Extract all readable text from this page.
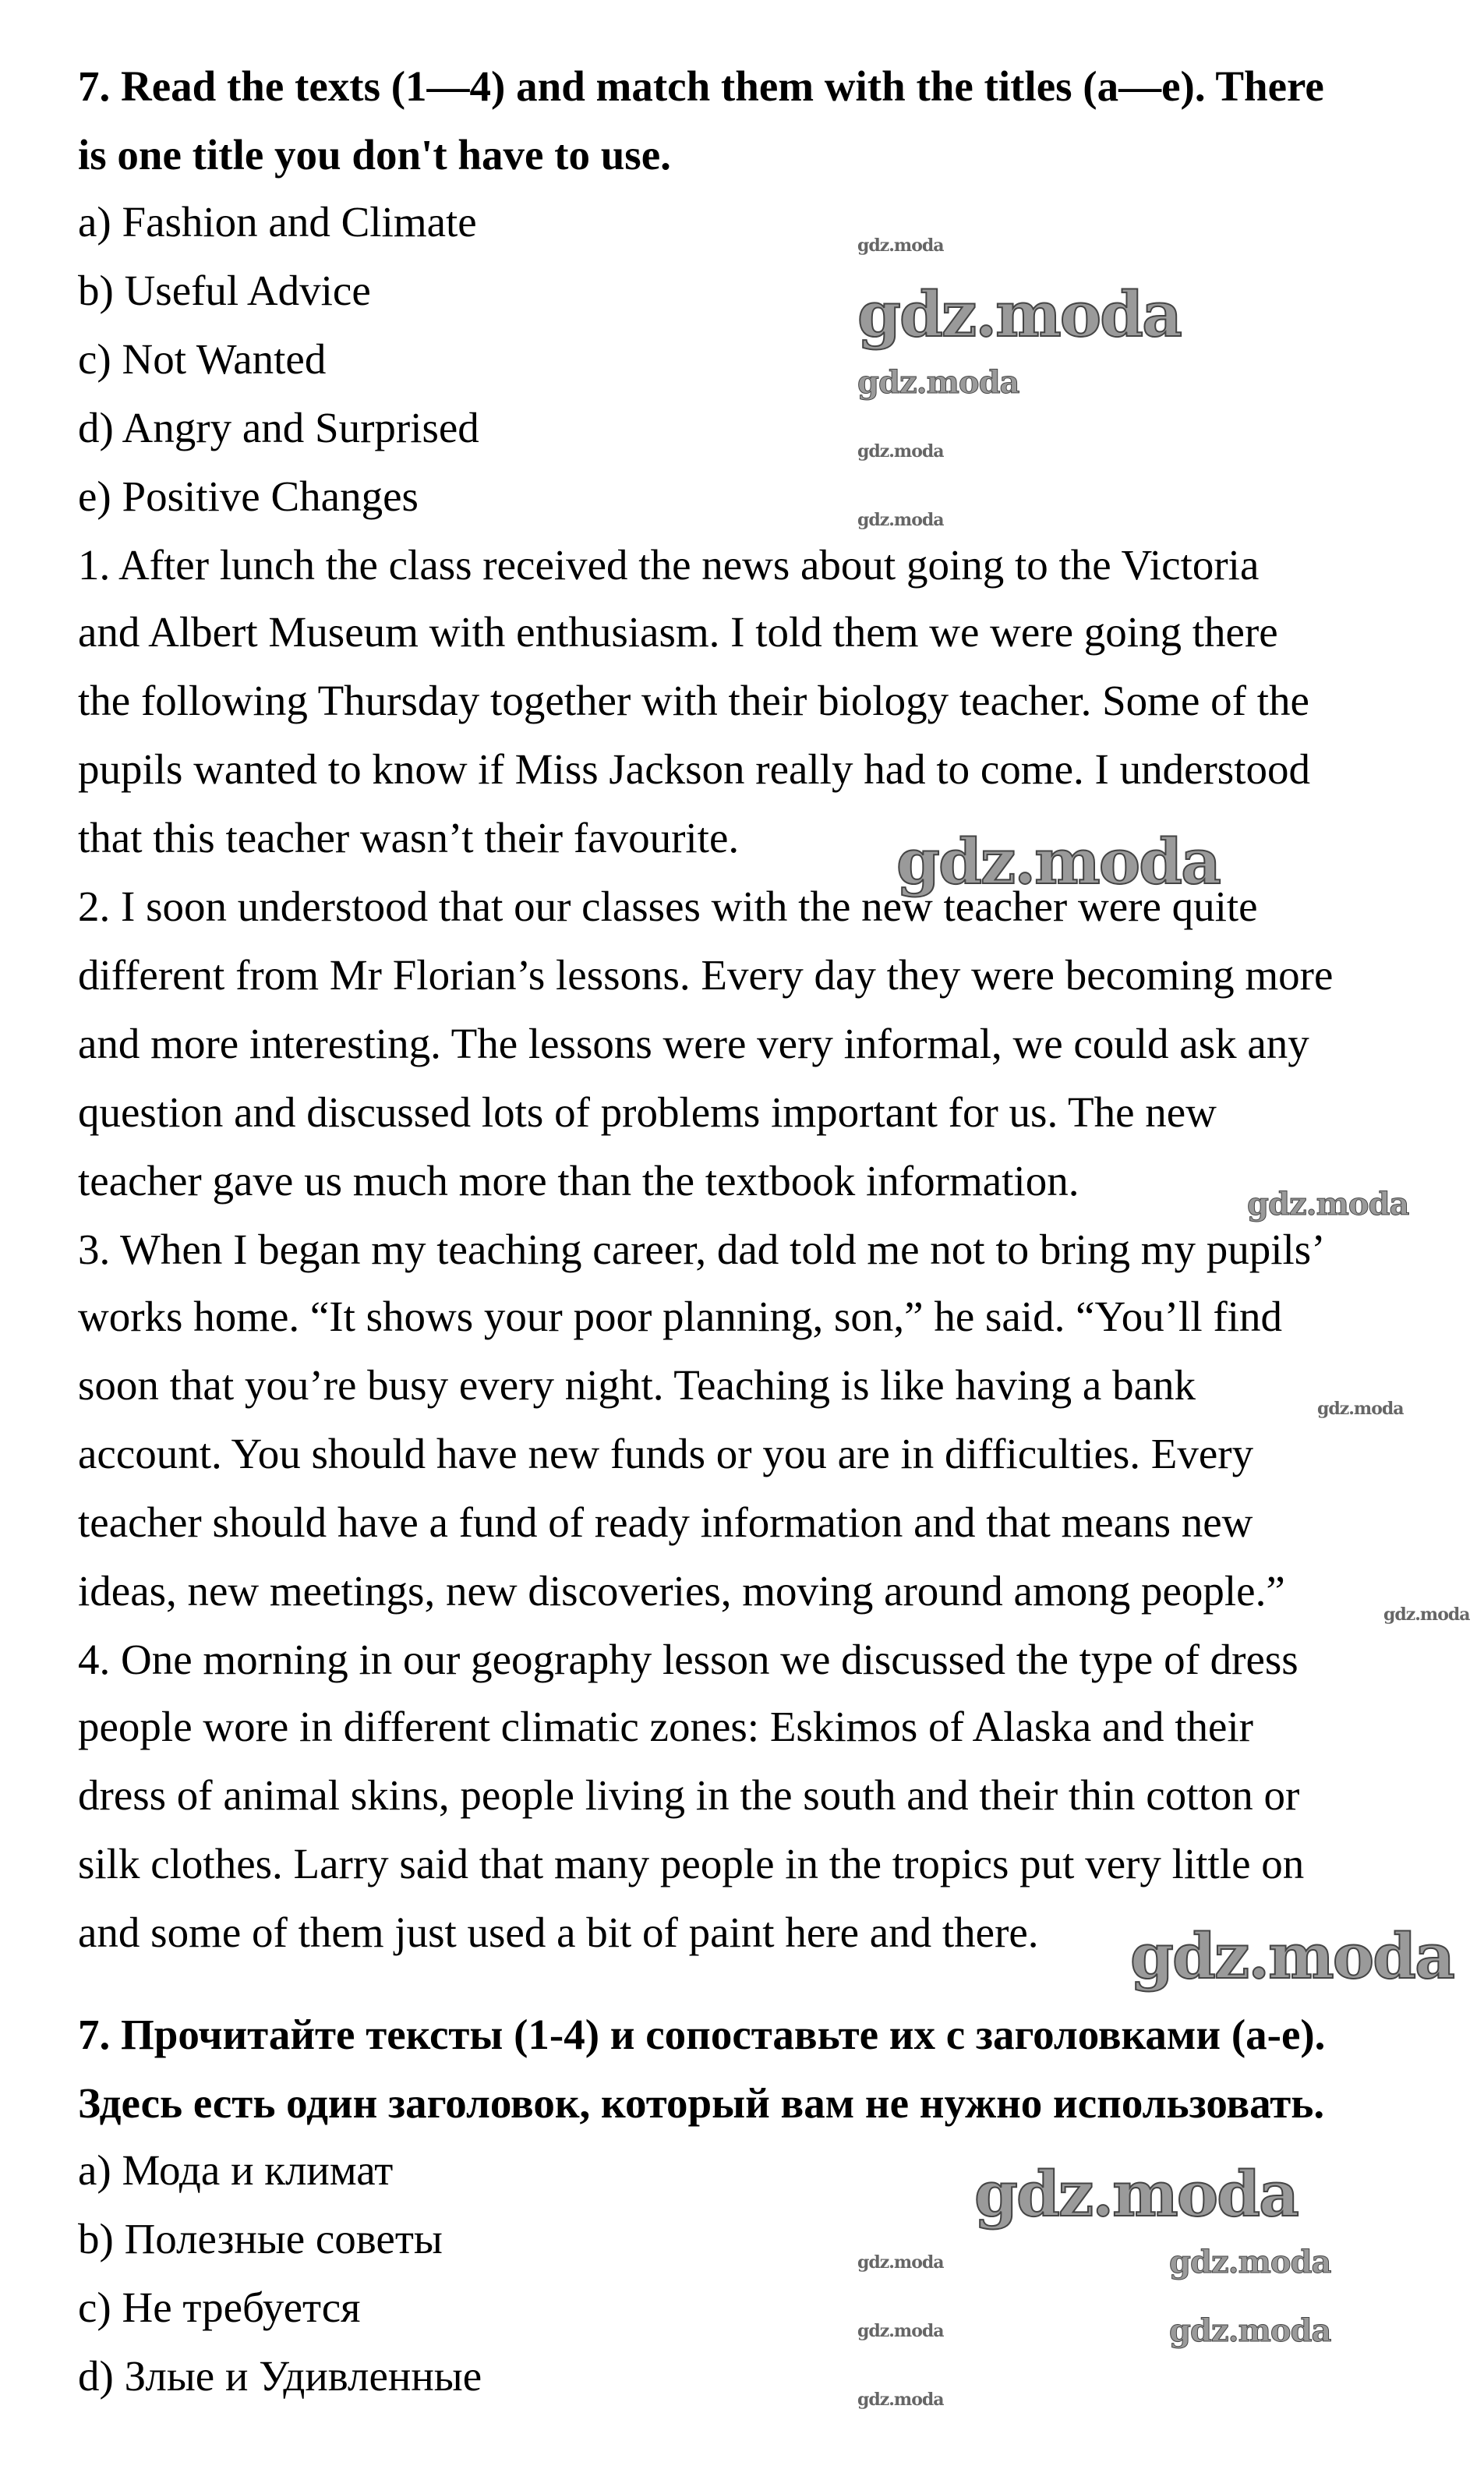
7. Read the texts (1—4) and match them with the titles (a—e). There
is one title you don't have to use.
a) Fashion and Climate
b) Useful Advice
c) Not Wanted
d) Angry and Surprised
e) Positive Changes
1. After lunch the class received the news about going to the Victoria
and Albert Museum with enthusiasm. I told them we were going there
the following Thursday together with their biology teacher. Some of the
pupils wanted to know if Miss Jackson really had to come. I understood
that this teacher wasn’t their favourite.
2. I soon understood that our classes with the new teacher were quite
different from Mr Florian’s lessons. Every day they were becoming more
and more interesting. The lessons were very informal, we could ask any
question and discussed lots of problems important for us. The new
teacher gave us much more than the textbook information.
3. When I began my teaching career, dad told me not to bring my pupils’
works home. “It shows your poor planning, son,” he said. “You’ll find
soon that you’re busy every night. Teaching is like having a bank
account. You should have new funds or you are in difficulties. Every
teacher should have a fund of ready information and that means new
ideas, new meetings, new discoveries, moving around among people.”
4. One morning in our geography lesson we discussed the type of dress
people wore in different climatic zones: Eskimos of Alaska and their
dress of animal skins, people living in the south and their thin cotton or
silk clothes. Larry said that many people in the tropics put very little on
and some of them just used a bit of paint here and there.
7. Прочитайте тексты (1-4) и сопоставьте их с заголовками (а-е).
Здесь есть один заголовок, который вам не нужно использовать.
a) Мода и климат
b) Полезные советы
c) Не требуется
d) Злые и Удивленные
gdz.moda
gdz.moda
gdz.moda
gdz.moda
gdz.moda
gdz.moda
gdz.moda
gdz.moda
gdz.moda
gdz.moda
gdz.moda
gdz.moda	gdz.moda
gdz.moda	gdz.moda
gdz.moda
